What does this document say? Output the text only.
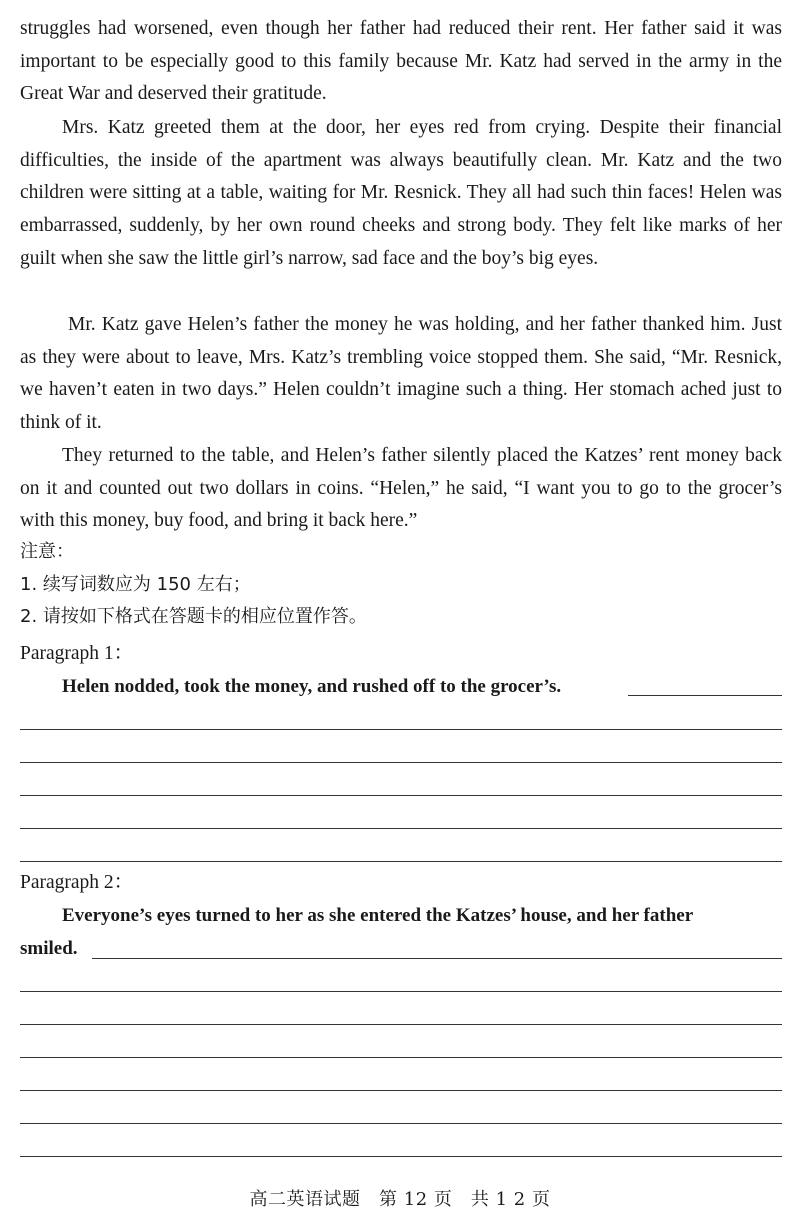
struggles had worsened, even though her father had reduced their rent. Her father said it was important to be especially good to this family because Mr. Katz had served in the army in the Great War and deserved their gratitude.

Mrs. Katz greeted them at the door, her eyes red from crying. Despite their financial difficulties, the inside of the apartment was always beautifully clean. Mr. Katz and the two children were sitting at a table, waiting for Mr. Resnick. They all had such thin faces! Helen was embarrassed, suddenly, by her own round cheeks and strong body. They felt like marks of her guilt when she saw the little girl’s narrow, sad face and the boy’s big eyes.

Mr. Katz gave Helen’s father the money he was holding, and her father thanked him. Just as they were about to leave, Mrs. Katz’s trembling voice stopped them. She said, “Mr. Resnick, we haven’t eaten in two days.” Helen couldn’t imagine such a thing. Her stomach ached just to think of it.

They returned to the table, and Helen’s father silently placed the Katzes’ rent money back on it and counted out two dollars in coins. “Helen,” he said, “I want you to go to the grocer’s with this money, buy food, and bring it back here.”

注意：
1. 续写词数应为 150 左右；
2. 请按如下格式在答题卡的相应位置作答。
Paragraph 1：
Helen nodded, took the money, and rushed off to the grocer’s.
Paragraph 2：
Everyone’s eyes turned to her as she entered the Katzes’ house, and her father
smiled.
高二英语试题　第 12 页　共 1 2 页
